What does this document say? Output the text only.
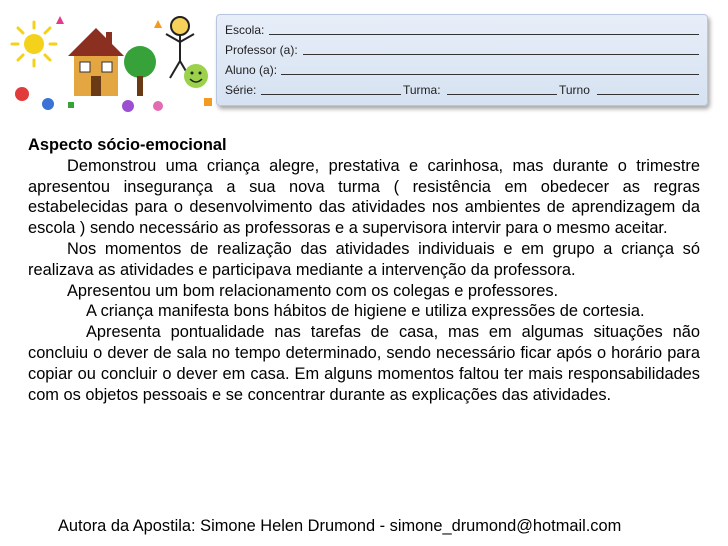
Escola:
Professor (a):
Aluno (a):
Série:	Turma:	Turno

Aspecto sócio-emocional

Demonstrou uma criança alegre, prestativa e carinhosa, mas durante o trimestre apresentou insegurança a sua nova turma ( resistência em obedecer as regras estabelecidas para o desenvolvimento das atividades nos ambientes de aprendizagem da escola ) sendo necessário as professoras e a supervisora intervir para o mesmo aceitar.

Nos momentos de realização das atividades individuais e em grupo a criança só realizava as atividades e participava mediante a intervenção da professora.

Apresentou um bom relacionamento com os colegas e professores.

A criança manifesta bons hábitos de higiene e utiliza expressões de cortesia.

Apresenta pontualidade nas tarefas de casa, mas em algumas situações não concluiu o dever de sala no tempo determinado, sendo necessário ficar após o horário para copiar ou concluir o dever em casa. Em alguns momentos faltou ter mais responsabilidades com os objetos pessoais e se concentrar durante as explicações das atividades.

Autora da Apostila: Simone Helen Drumond - simone_drumond@hotmail.com
